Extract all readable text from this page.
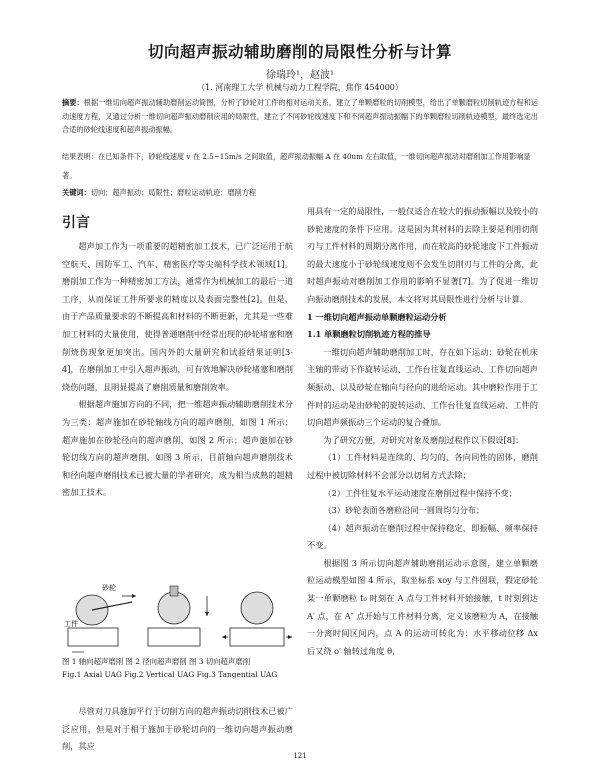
切向超声振动辅助磨削的局限性分析与计算
徐瑞玲¹，赵波¹
（1. 河南理工大学 机械与动力工程学院，焦作 454000）
摘要：根据一维切向超声振动辅助磨削运动简图，分析了砂轮对工件的相对运动关系，建立了单颗磨粒的切削模型，给出了单颗磨粒切削轨迹方程和运动速度方程，又通过分析一维切向超声振动磨削应用的局限性，建立了不同砂轮线速度下和不同超声振动振幅下的单颗磨粒切削轨迹模型，最终选定出合适的砂轮线速度和超声振动振幅。
结果表明：在已知条件下，砂轮线速度 v 在 2.5~15m/s 之间取值，超声振动振幅 A 在 40um 左右取值，一维切向超声振动对磨削加工作用影响显著。
关键词：切向；超声振动；局限性；磨粒运动轨迹；磨削方程
引言

超声加工作为一项重要的超精密加工技术，已广泛运用于航空航天、国防军工、汽车、精密医疗等尖端科学技术领域[1]。磨削加工作为一种精密加工方法，通常作为机械加工的最后一道工序，从而保证工件所要求的精度以及表面完整性[2]。但是，由于产品质量要求的不断提高和材料的不断更新，尤其是一些难加工材料的大量使用，使得普通磨削中经常出现的砂轮堵塞和磨削烧伤现象更加突出。国内外的大量研究和试验结果证明[3-4]，在磨削加工中引入超声振动，可有效地解决砂轮堵塞和磨削烧伤问题，且明显提高了磨削质量和磨削效率。

根据超声施加方向的不同，把一维超声振动辅助磨削技术分为三类：超声施加在砂轮轴线方向的超声磨削，如图 1 所示；超声施加在砂轮径向的超声磨削，如图 2 所示；超声施加在砂轮切线方向的超声磨削，如图 3 所示，目前轴向超声磨削技术和径向超声磨削技术已被大量的学者研究，成为相当成熟的超精密加工技术。

砂轮
工件
图 1 轴向超声磨削 图 2 径向超声磨削 图 3 切向超声磨削
Fig.1 Axial UAG Fig.2 Vertical UAG Fig.3 Tangential UAG

尽管对刀具施加平行于切削方向的超声振动切削技术已被广泛应用，但是对于相于施加于砂轮切向的一维切向超声振动磨削，其应

用具有一定的局限性，一般仅适合在较大的振动振幅以及较小的砂轮速度的条件下应用。这是因为其材料的去除主要是利用切削刃与工件材料的周期分离作用，而在较高的砂轮速度下工件振动的最大速度小于砂轮线速度则不会发生切削刃与工件的分离，此时超声振动对磨削加工作用的影响不显著[7]。为了促进一维切向振动磨削技术的发展，本文将对其局限性进行分析与计算。

1 一维切向超声振动单颗磨粒运动分析

1.1 单颗磨粒切削轨迹方程的推导

一维切向超声辅助磨削加工时，存在如下运动：砂轮在机床主轴的带动下作旋转运动、工作台往复直线运动、工件切向超声频振动、以及砂轮在轴向与径向的进给运动。其中磨粒作用于工件时的运动是由砂轮的旋转运动、工作台往复直线运动、工件的切向超声频振动三个运动的复合叠加。

为了研究方便，对研究对象及磨削过程作以下假设[8]：

（1）工件材料是连续的、均匀的、各向同性的固体，磨削过程中被切除材料不会部分以切屑方式去除；

（2）工件往复水平运动速度在磨削过程中保持不变；

（3）砂轮表面各磨粒沿同一圆周均匀分布；

（4）超声振动在磨削过程中保持稳定，即振幅、频率保持不变。

根据图 3 所示切向超声辅助磨削运动示意图，建立单颗磨粒运动模型如图 4 所示，取坐标系 xoy 与工件固联，假定砂轮某一单颗磨粒 t₀ 时刻在 A 点与工件材料开始接触，t 时刻到达 A′ 点，在 A″ 点开始与工件材料分离，定义该磨粒为 A，在接触一分离时间区间内，点 A 的运动可转化为：水平移动位移 Δx 后又绕 o′ 轴转过角度 θ，

121
